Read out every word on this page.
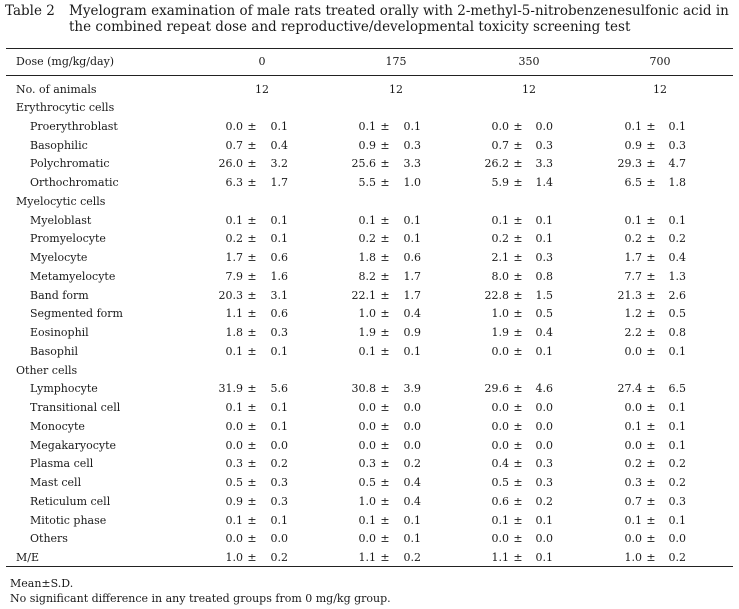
Table 2 Myelogram examination of male rats treated orally with 2-methyl-5-nitrobenzenesulfonic acid in the combined repeat dose and reproductive/developmental toxicity screening test
Dose (mg/kg/day)	0	175	350	700
No. of animals	12	12	12	12
Erythrocytic cells
Proerythroblast	0.0 ±	0.1	0.1 ±	0.1	0.0 ±	0.0	0.1 ±	0.1
Basophilic	0.7 ±	0.4	0.9 ±	0.3	0.7 ±	0.3	0.9 ±	0.3
Polychromatic	26.0 ±	3.2	25.6 ±	3.3	26.2 ±	3.3	29.3 ±	4.7
Orthochromatic	6.3 ±	1.7	5.5 ±	1.0	5.9 ±	1.4	6.5 ±	1.8
Myelocytic cells
Myeloblast	0.1 ±	0.1	0.1 ±	0.1	0.1 ±	0.1	0.1 ±	0.1
Promyelocyte	0.2 ±	0.1	0.2 ±	0.1	0.2 ±	0.1	0.2 ±	0.2
Myelocyte	1.7 ±	0.6	1.8 ±	0.6	2.1 ±	0.3	1.7 ±	0.4
Metamyelocyte	7.9 ±	1.6	8.2 ±	1.7	8.0 ±	0.8	7.7 ±	1.3
Band form	20.3 ±	3.1	22.1 ±	1.7	22.8 ±	1.5	21.3 ±	2.6
Segmented form	1.1 ±	0.6	1.0 ±	0.4	1.0 ±	0.5	1.2 ±	0.5
Eosinophil	1.8 ±	0.3	1.9 ±	0.9	1.9 ±	0.4	2.2 ±	0.8
Basophil	0.1 ±	0.1	0.1 ±	0.1	0.0 ±	0.1	0.0 ±	0.1
Other cells
Lymphocyte	31.9 ±	5.6	30.8 ±	3.9	29.6 ±	4.6	27.4 ±	6.5
Transitional cell	0.1 ±	0.1	0.0 ±	0.0	0.0 ±	0.0	0.0 ±	0.1
Monocyte	0.0 ±	0.1	0.0 ±	0.0	0.0 ±	0.0	0.1 ±	0.1
Megakaryocyte	0.0 ±	0.0	0.0 ±	0.0	0.0 ±	0.0	0.0 ±	0.1
Plasma cell	0.3 ±	0.2	0.3 ±	0.2	0.4 ±	0.3	0.2 ±	0.2
Mast cell	0.5 ±	0.3	0.5 ±	0.4	0.5 ±	0.3	0.3 ±	0.2
Reticulum cell	0.9 ±	0.3	1.0 ±	0.4	0.6 ±	0.2	0.7 ±	0.3
Mitotic phase	0.1 ±	0.1	0.1 ±	0.1	0.1 ±	0.1	0.1 ±	0.1
Others	0.0 ±	0.0	0.0 ±	0.1	0.0 ±	0.0	0.0 ±	0.0
M/E	1.0 ±	0.2	1.1 ±	0.2	1.1 ±	0.1	1.0 ±	0.2
Mean±S.D.
No significant difference in any treated groups from 0 mg/kg group.
